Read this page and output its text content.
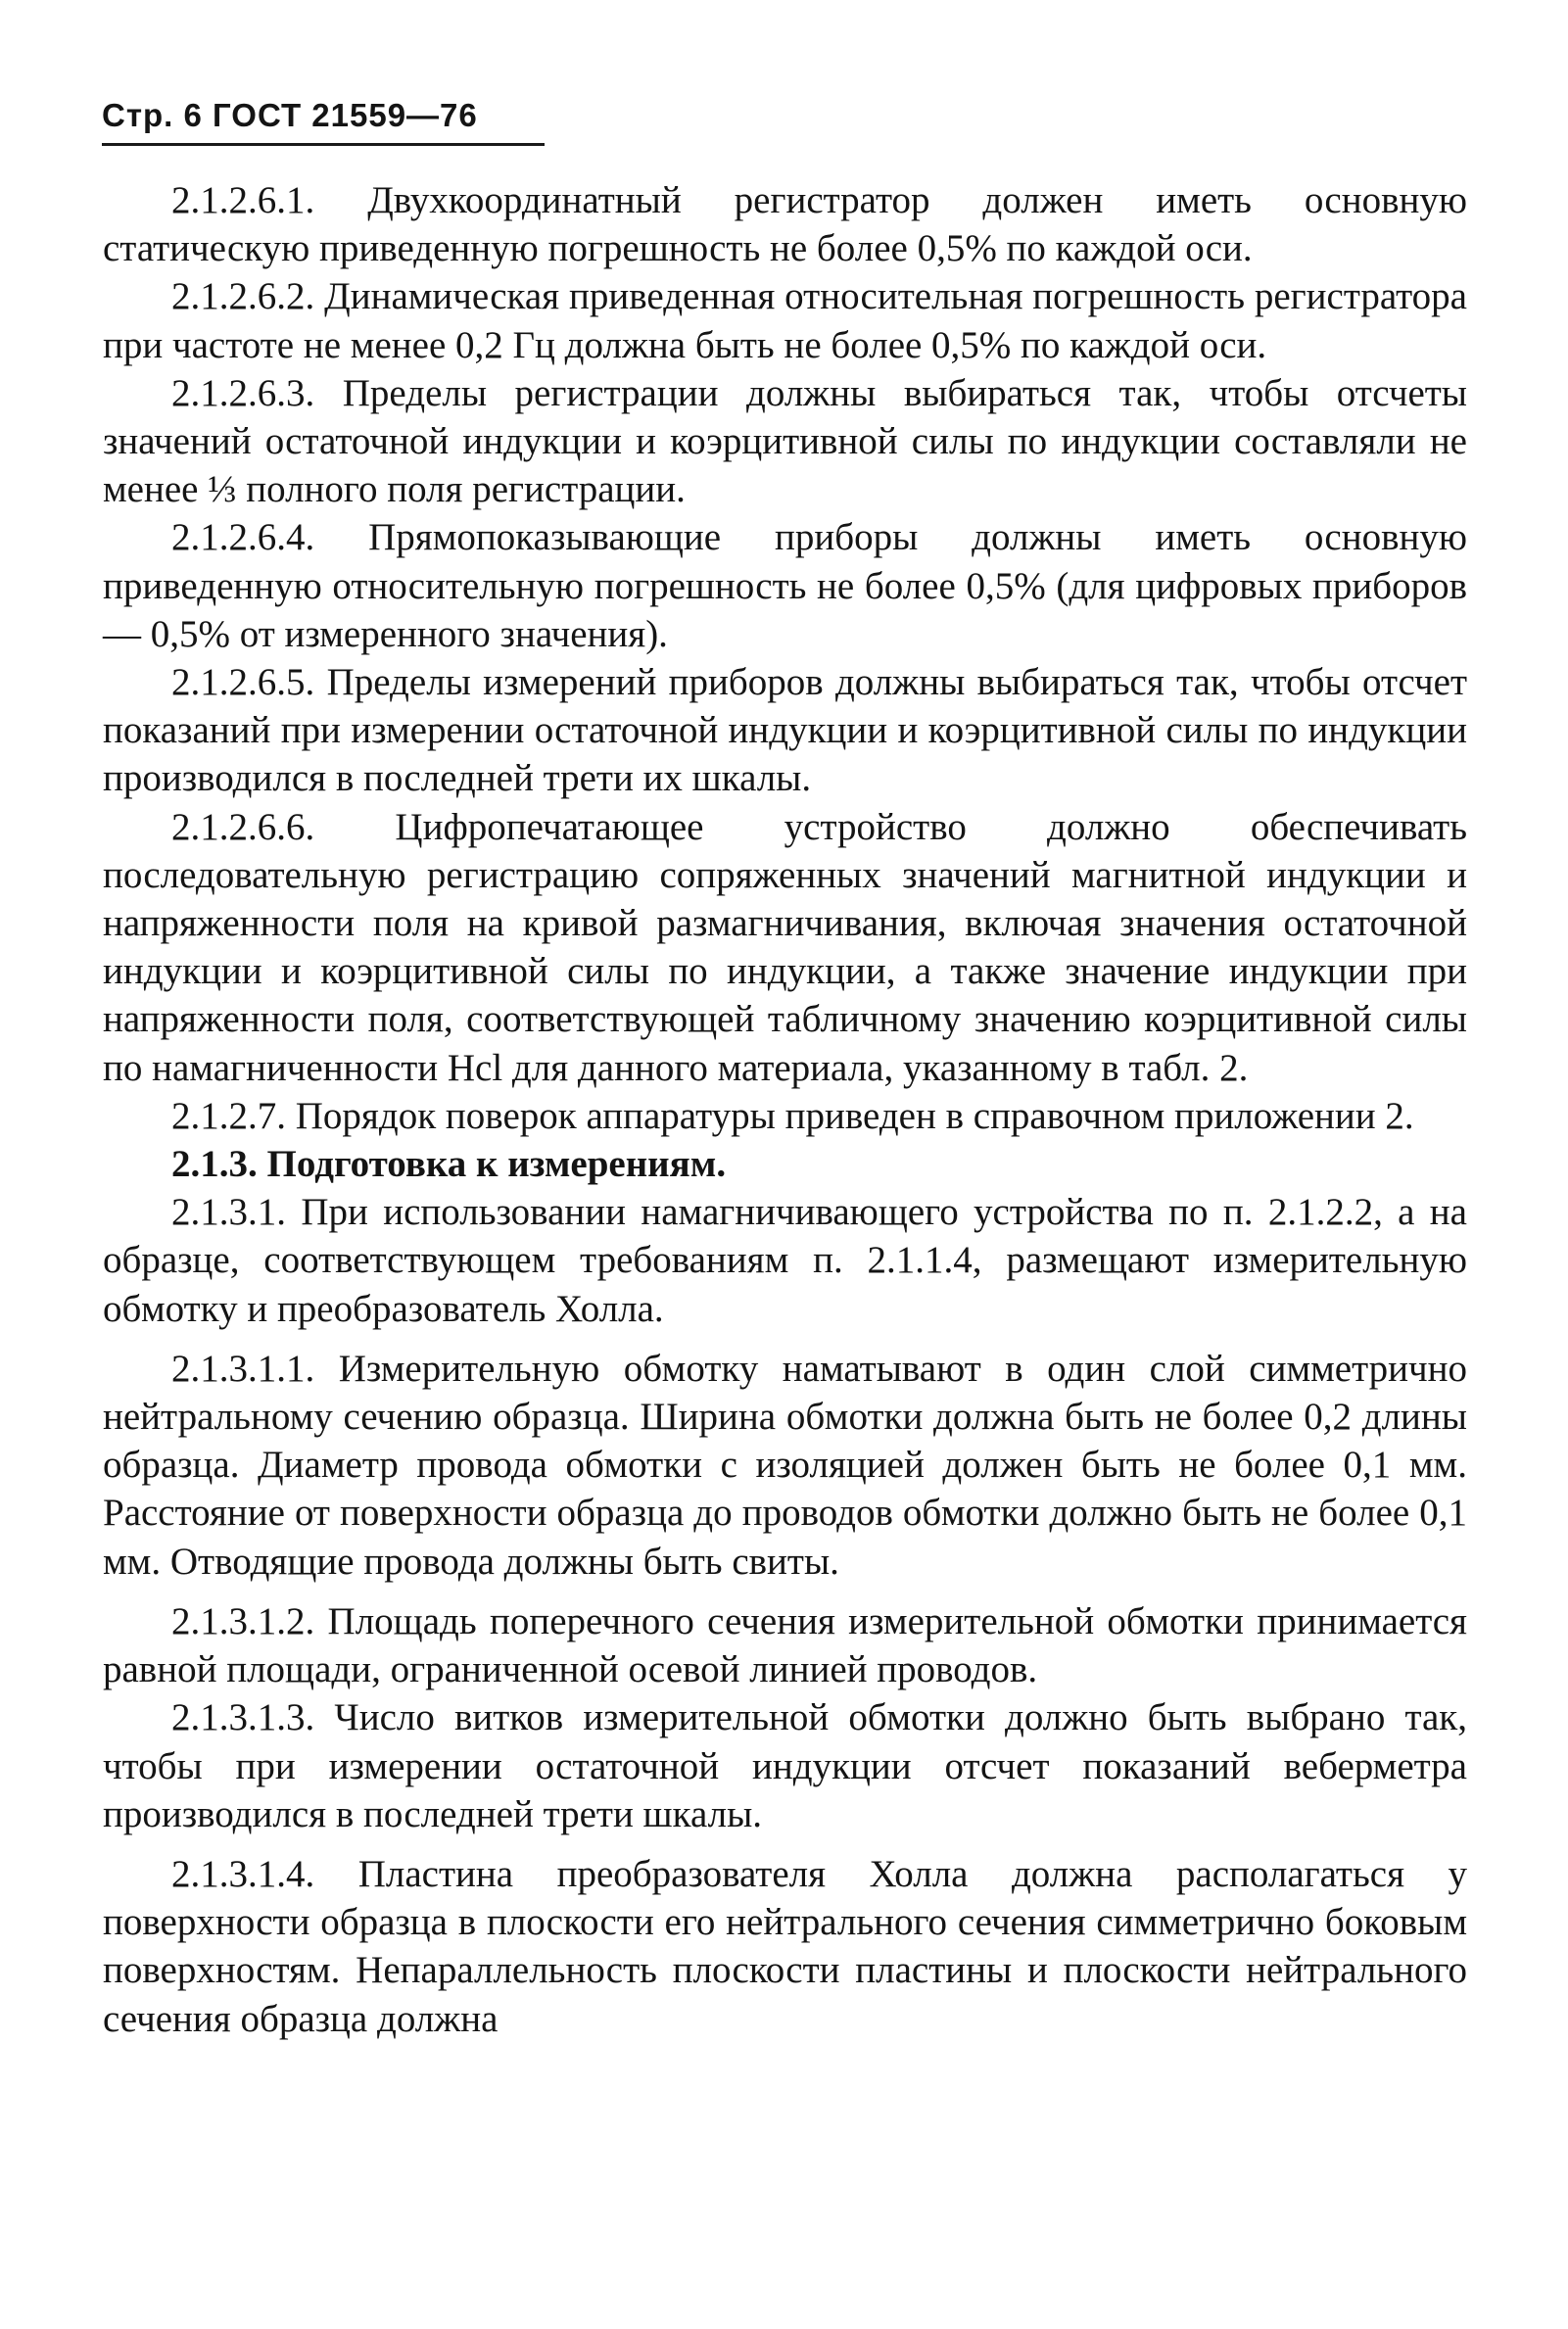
Стр. 6 ГОСТ 21559—76

2.1.2.6.1. Двухкоординатный регистратор должен иметь основную статическую приведенную погрешность не более 0,5% по каждой оси.

2.1.2.6.2. Динамическая приведенная относительная погрешность регистратора при частоте не менее 0,2 Гц должна быть не более 0,5% по каждой оси.

2.1.2.6.3. Пределы регистрации должны выбираться так, чтобы отсчеты значений остаточной индукции и коэрцитивной силы по индукции составляли не менее ⅓ полного поля регистрации.

2.1.2.6.4. Прямопоказывающие приборы должны иметь основную приведенную относительную погрешность не более 0,5% (для цифровых приборов — 0,5% от измеренного значения).

2.1.2.6.5. Пределы измерений приборов должны выбираться так, чтобы отсчет показаний при измерении остаточной индукции и коэрцитивной силы по индукции производился в последней трети их шкалы.

2.1.2.6.6. Цифропечатающее устройство должно обеспечивать последовательную регистрацию сопряженных значений магнитной индукции и напряженности поля на кривой размагничивания, включая значения остаточной индукции и коэрцитивной силы по индукции, а также значение индукции при напряженности поля, соответствующей табличному значению коэрцитивной силы по намагниченности Hcl для данного материала, указанному в табл. 2.

2.1.2.7. Порядок поверок аппаратуры приведен в справочном приложении 2.

2.1.3. Подготовка к измерениям.

2.1.3.1. При использовании намагничивающего устройства по п. 2.1.2.2, а на образце, соответствующем требованиям п. 2.1.1.4, размещают измерительную обмотку и преобразователь Холла.

2.1.3.1.1. Измерительную обмотку наматывают в один слой симметрично нейтральному сечению образца. Ширина обмотки должна быть не более 0,2 длины образца. Диаметр провода обмотки с изоляцией должен быть не более 0,1 мм. Расстояние от поверхности образца до проводов обмотки должно быть не более 0,1 мм. Отводящие провода должны быть свиты.

2.1.3.1.2. Площадь поперечного сечения измерительной обмотки принимается равной площади, ограниченной осевой линией проводов.

2.1.3.1.3. Число витков измерительной обмотки должно быть выбрано так, чтобы при измерении остаточной индукции отсчет показаний веберметра производился в последней трети шкалы.

2.1.3.1.4. Пластина преобразователя Холла должна располагаться у поверхности образца в плоскости его нейтрального сечения симметрично боковым поверхностям. Непараллельность плоскости пластины и плоскости нейтрального сечения образца должна
